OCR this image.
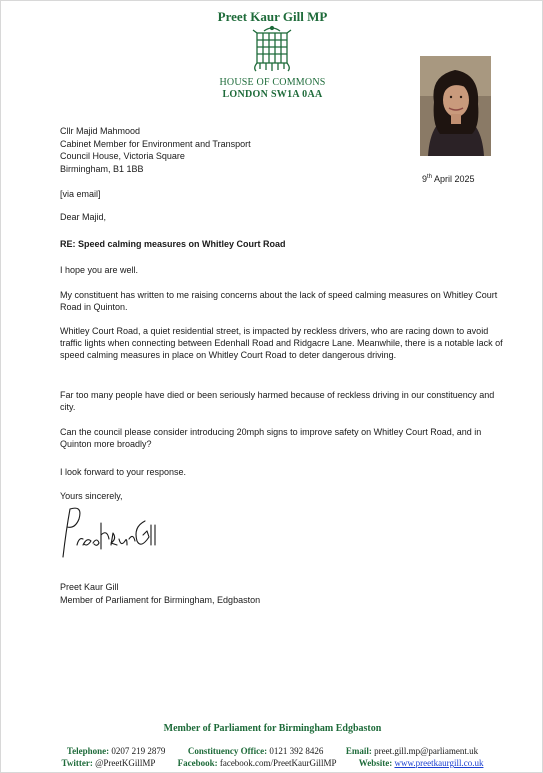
Preet Kaur Gill MP
HOUSE OF COMMONS
LONDON SW1A 0AA
Cllr Majid Mahmood
Cabinet Member for Environment and Transport
Council House, Victoria Square
Birmingham, B1 1BB
9th April 2025
[via email]
Dear Majid,
RE: Speed calming measures on Whitley Court Road

I hope you are well.

My constituent has written to me raising concerns about the lack of speed calming measures on Whitley Court Road in Quinton.

Whitley Court Road, a quiet residential street, is impacted by reckless drivers, who are racing down to avoid traffic lights when connecting between Edenhall Road and Ridgacre Lane. Meanwhile, there is a notable lack of speed calming measures in place on Whitley Court Road to deter dangerous driving.

Far too many people have died or been seriously harmed because of reckless driving in our constituency and city.

Can the council please consider introducing 20mph signs to improve safety on Whitley Court Road, and in Quinton more broadly?

I look forward to your response.

Yours sincerely,
Preet Kaur Gill
Member of Parliament for Birmingham, Edgbaston
Member of Parliament for Birmingham Edgbaston
Telephone: 0207 219 2879	Constituency Office: 0121 392 8426	Email: preet.gill.mp@parliament.uk
Twitter: @PreetKGillMP	Facebook: facebook.com/PreetKaurGillMP	Website: www.preetkaurgill.co.uk
